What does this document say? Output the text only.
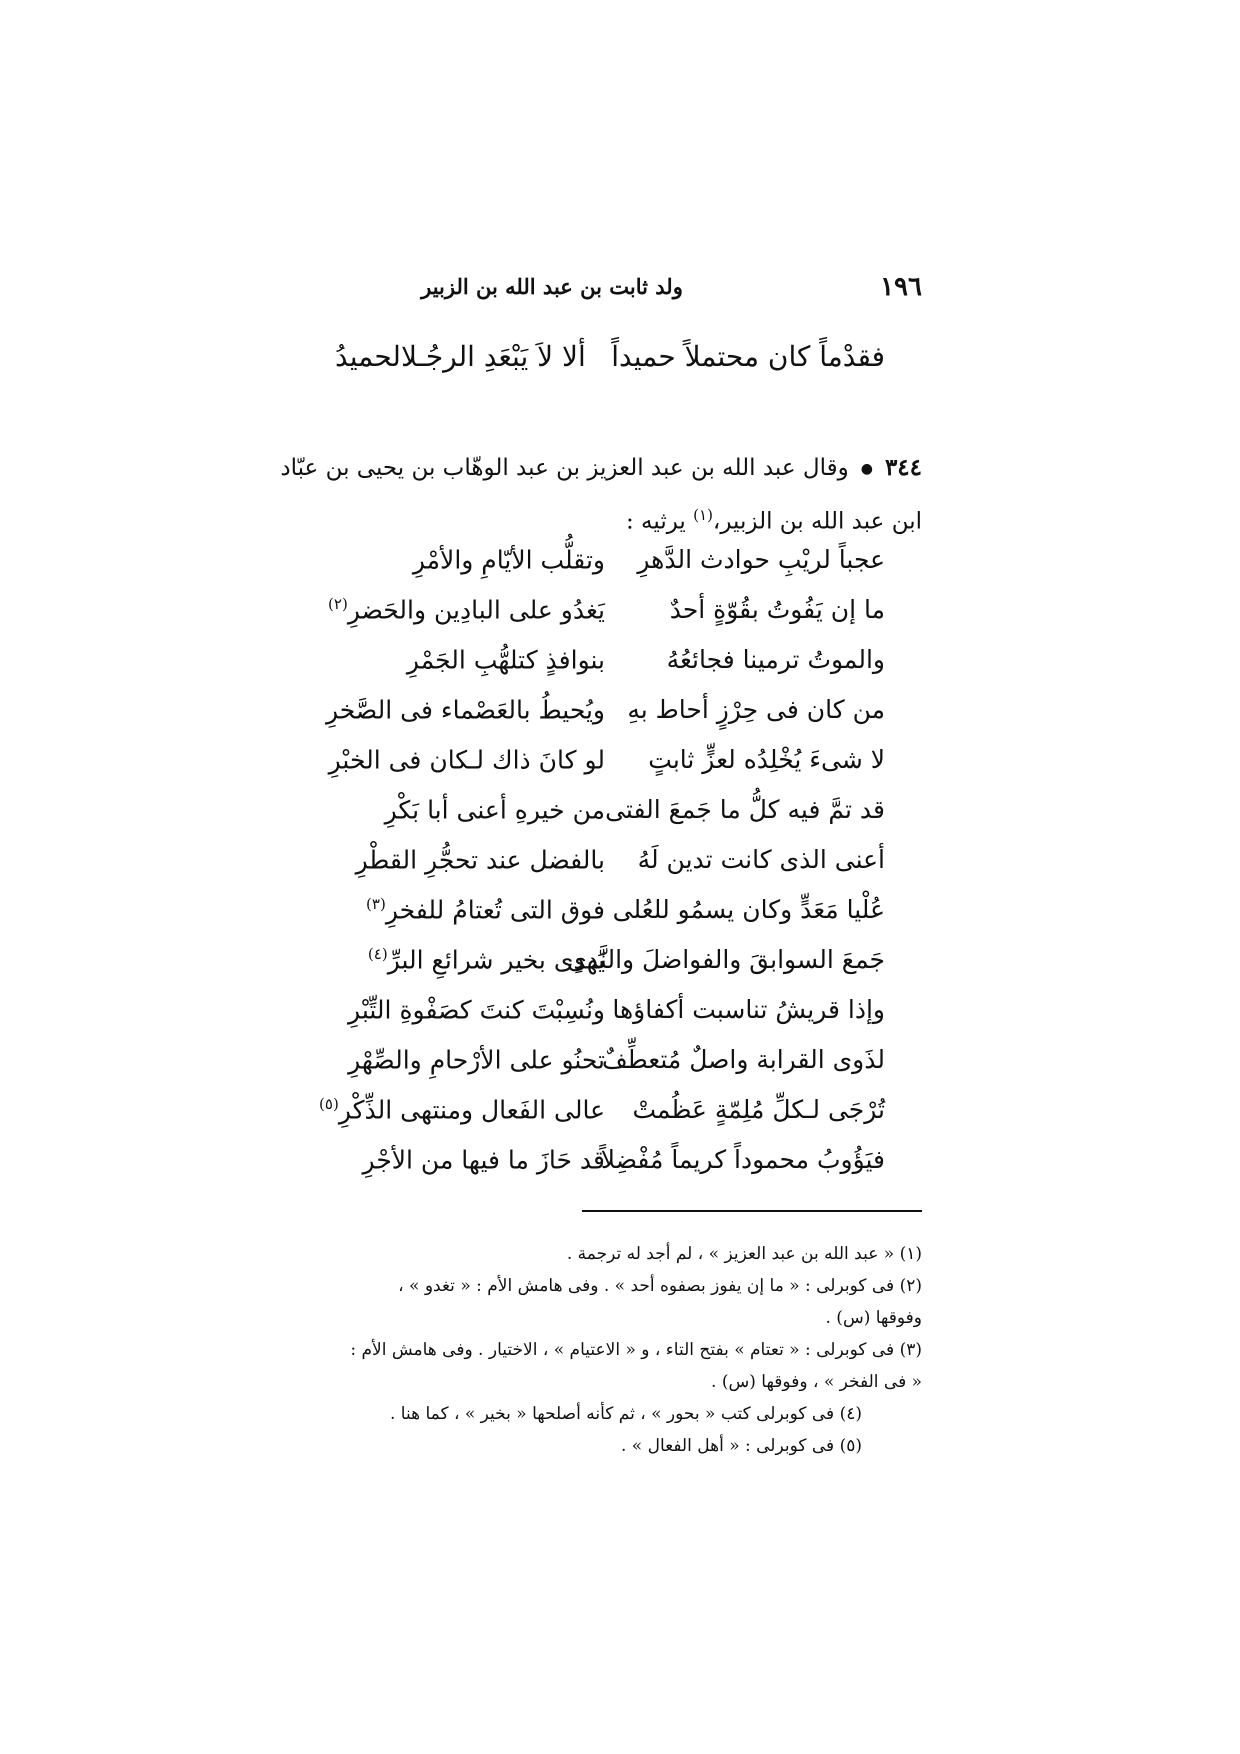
١٩٦
ولد ثابت بن عبد الله بن الزبير
فقدْماً كان محتملاً حميداً
ألا لاَ يَبْعَدِ الرجُـلالحميدُ
٣٤٤●وقال عبد الله بن عبد العزيز بن عبد الوهّاب بن يحيى بن عبّاد
ابن عبد الله بن الزبير،$^{(١)}$ يرثيه :
عجباً لريْبِ حوادث الدَّهرِ
وتقلُّب الأيّامِ والأمْرِ
ما إن يَفُوتُ بقُوّةٍ أحدٌ
يَغدُو على البادِين والحَضرِ$^{(٢)}$
والموتُ ترمينا فجائعُهُ
بنوافذٍ كتلهُّبِ الجَمْرِ
من كان فى حِرْزٍ أحاط بهِ
ويُحيطُ بالعَصْماء فى الصَّخرِ
لا شىءَ يُخْلِدُه لعزٍّ ثابتٍ
لو كانَ ذاك لـكان فى الخبْرِ
قد تمَّ فيه كلُّ ما جَمعَ الفتى
من خيرهِ أعنى أبا بَكْرِ
أعنى الذى كانت تدين لَهُ
بالفضل عند تحجُّرِ القطْرِ
عُلْيا مَعَدٍّ وكان يسمُو للعُلى
فوق التى تُعتامُ للفخرِ$^{(٣)}$
جَمعَ السوابقَ والفواضلَ والنَّدى
يَهدِى بخير شرائعِ البرِّ$^{(٤)}$
وإذا قريشُ تناسبت أكفاؤها
ونُسِبْتَ كنتَ كصَفْوةِ التِّبْرِ
لذَوى القرابة واصلٌ مُتعطِّفٌ
تحنُو على الأرْحامِ والصِّهْرِ
تُرْجَى لـكلِّ مُلِمّةٍ عَظُمتْ
عالى الفَعال ومنتهى الذِّكْرِ$^{(٥)}$
فيَؤُوبُ محموداً كريماً مُفْضِلاً
قد حَازَ ما فيها من الأجْرِ
(١) « عبد الله بن عبد العزيز » ، لم أجد له ترجمة .
(٢) فى كوبرلى : « ما إن يفوز بصفوه أحد » . وفى هامش الأم : « تغدو » ،
وفوقها (س) .
(٣) فى كوبرلى : « تعتام » بفتح التاء ، و « الاعتيام » ، الاختيار . وفى هامش الأم :
« فى الفخر » ، وفوقها (س) .
(٤) فى كوبرلى كتب « بحور » ، ثم كأنه أصلحها « بخير » ، كما هنا .
(٥) فى كوبرلى : « أهل الفعال » .
